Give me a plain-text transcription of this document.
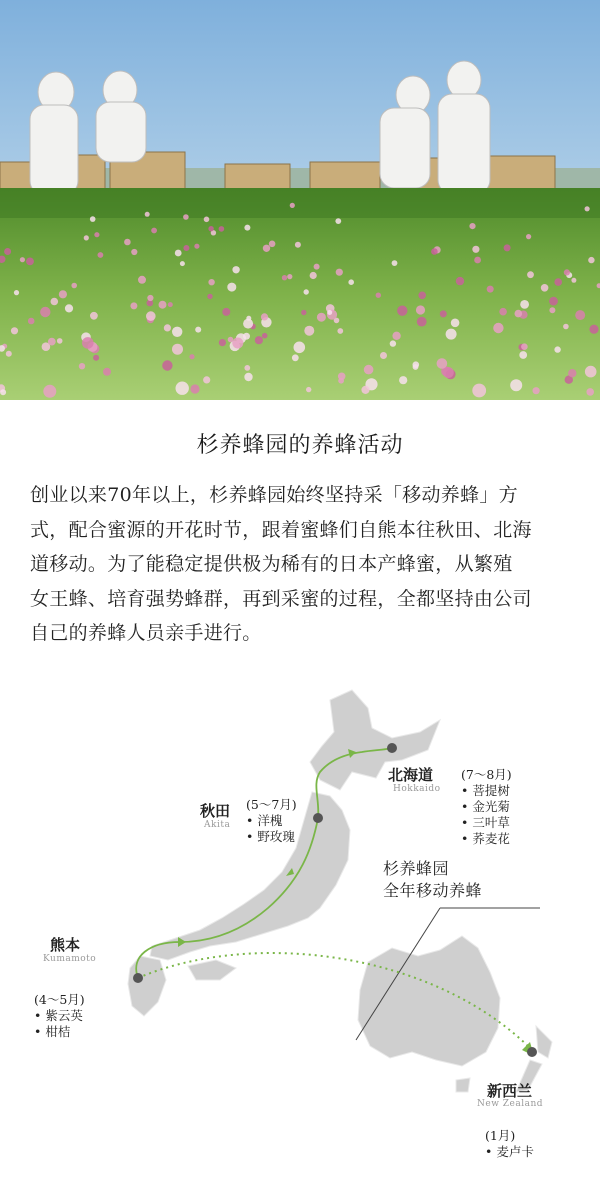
杉养蜂园的养蜂活动
创业以来70年以上，杉养蜂园始终坚持采「移动养蜂」方
式，配合蜜源的开花时节，跟着蜜蜂们自熊本往秋田、北海
道移动。为了能稳定提供极为稀有的日本产蜂蜜，从繁殖
女王蜂、培育强势蜂群，再到采蜜的过程，全都坚持由公司
自己的养蜂人员亲手进行。
北海道
Hokkaido
(7～8月)
• 菩提树
• 金光菊
• 三叶草
• 荞麦花
秋田
Akita
(5～7月)
• 洋槐
• 野玫瑰
杉养蜂园
全年移动养蜂
熊本
Kumamoto
(4～5月)
• 紫云英
• 柑桔
新西兰
New Zealand
(1月)
• 麦卢卡
